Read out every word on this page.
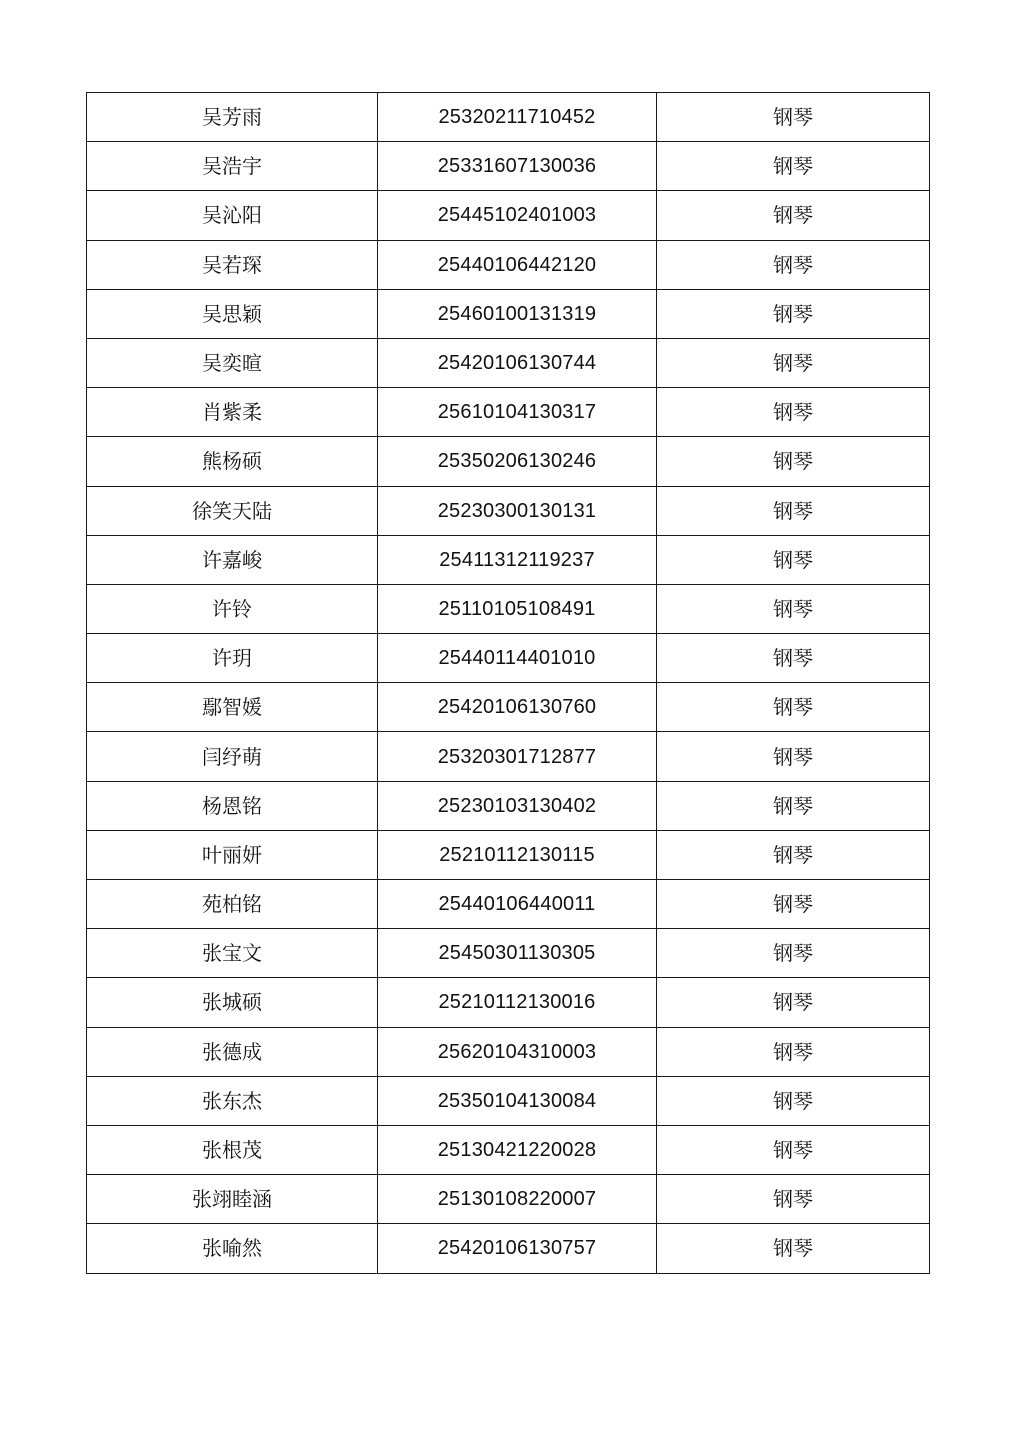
吴芳雨	25320211710452	钢琴
吴浩宇	25331607130036	钢琴
吴沁阳	25445102401003	钢琴
吴若琛	25440106442120	钢琴
吴思颖	25460100131319	钢琴
吴奕暄	25420106130744	钢琴
肖紫柔	25610104130317	钢琴
熊杨硕	25350206130246	钢琴
徐笑天陆	25230300130131	钢琴
许嘉峻	25411312119237	钢琴
许铃	25110105108491	钢琴
许玥	25440114401010	钢琴
鄢智媛	25420106130760	钢琴
闫纾萌	25320301712877	钢琴
杨恩铭	25230103130402	钢琴
叶丽妍	25210112130115	钢琴
苑柏铭	25440106440011	钢琴
张宝文	25450301130305	钢琴
张城硕	25210112130016	钢琴
张德成	25620104310003	钢琴
张东杰	25350104130084	钢琴
张根茂	25130421220028	钢琴
张翊睦涵	25130108220007	钢琴
张喻然	25420106130757	钢琴
